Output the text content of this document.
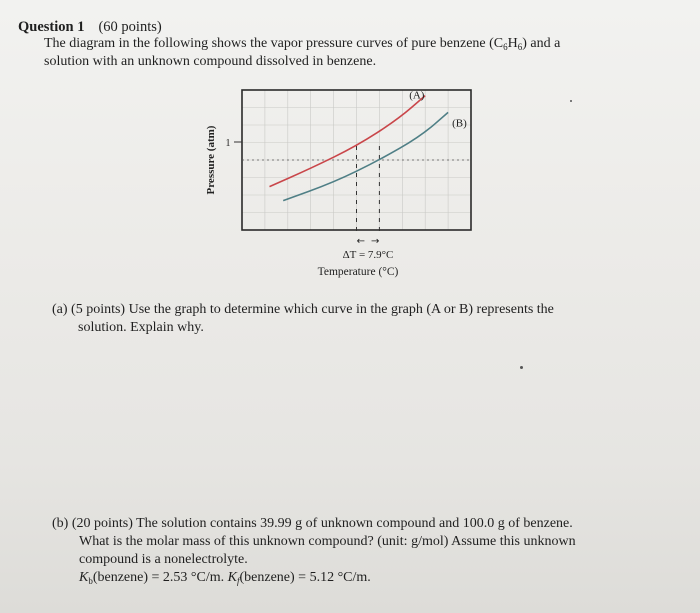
Question 1 (60 points)
The diagram in the following shows the vapor pressure curves of pure benzene $(C_6H_6)$ and a
solution with an unknown compound dissolved in benzene.
1
Pressure (atm)
(A)
(B)
← →
ΔT = 7.9°C
Temperature (°C)
(a) (5 points) Use the graph to determine which curve in the graph (A or B) represents the
solution. Explain why.
(b) (20 points) The solution contains 39.99 g of unknown compound and 100.0 g of benzene.
What is the molar mass of this unknown compound? (unit: g/mol) Assume this unknown
compound is a nonelectrolyte.
$K_b(benzene) = 2.53$ °C/m. $K_f(benzene) = 5.12$ °C/m.
